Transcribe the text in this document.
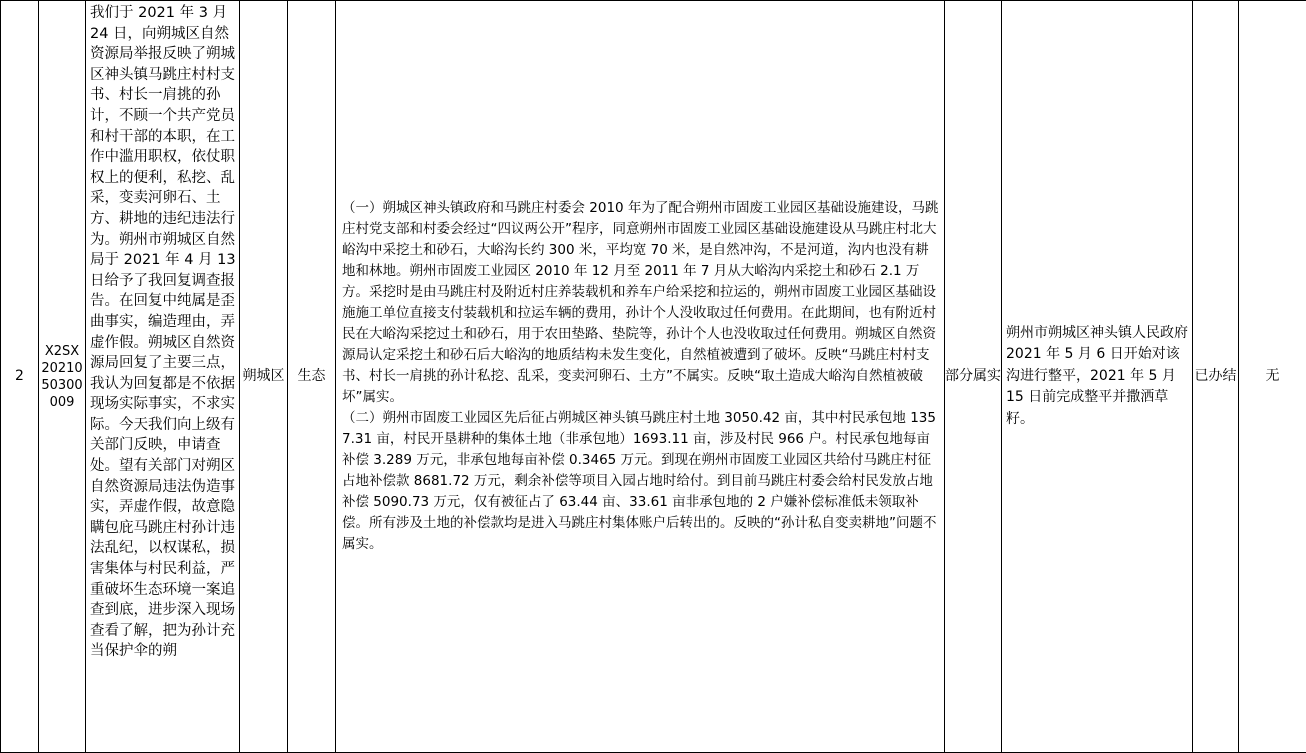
2	X2SX2021050300009	我们于 2021 年 3 月 24 日，向朔城区自然资源局举报反映了朔城区神头镇马跳庄村村支书、村长一肩挑的孙计，不顾一个共产党员和村干部的本职，在工作中滥用职权，依仗职权上的便利，私挖、乱采，变卖河卵石、土方、耕地的违纪违法行为。朔州市朔城区自然局于 2021 年 4 月 13 日给予了我回复调查报告。在回复中纯属是歪曲事实，编造理由，弄虚作假。朔城区自然资源局回复了主要三点，我认为回复都是不依据现场实际事实，不求实际。今天我们向上级有关部门反映，申请查处。望有关部门对朔区自然资源局违法伪造事实，弄虚作假，故意隐瞒包庇马跳庄村孙计违法乱纪，以权谋私，损害集体与村民利益，严重破坏生态环境一案追查到底，进步深入现场查看了解，把为孙计充当保护伞的朔	朔城区	生态	
（一）朔城区神头镇政府和马跳庄村委会 2010 年为了配合朔州市固废工业园区基础设施建设，马跳庄村党支部和村委会经过“四议两公开”程序，同意朔州市固废工业园区基础设施建设从马跳庄村北大峪沟中采挖土和砂石，大峪沟长约 300 米，平均宽 70 米，是自然冲沟，不是河道，沟内也没有耕地和林地。朔州市固废工业园区 2010 年 12 月至 2011 年 7 月从大峪沟内采挖土和砂石 2.1 万方。采挖时是由马跳庄村及附近村庄养装载机和养车户给采挖和拉运的，朔州市固废工业园区基础设施施工单位直接支付装载机和拉运车辆的费用，孙计个人没收取过任何费用。在此期间，也有附近村民在大峪沟采挖过土和砂石，用于农田垫路、垫院等，孙计个人也没收取过任何费用。朔城区自然资源局认定采挖土和砂石后大峪沟的地质结构未发生变化，自然植被遭到了破坏。反映“马跳庄村村支书、村长一肩挑的孙计私挖、乱采，变卖河卵石、土方”不属实。反映“取土造成大峪沟自然植被破坏”属实。
（二）朔州市固废工业园区先后征占朔城区神头镇马跳庄村土地 3050.42 亩，其中村民承包地 1357.31 亩，村民开垦耕种的集体土地（非承包地）1693.11 亩，涉及村民 966 户。村民承包地每亩补偿 3.289 万元，非承包地每亩补偿 0.3465 万元。到现在朔州市固废工业园区共给付马跳庄村征占地补偿款 8681.72 万元，剩余补偿等项目入园占地时给付。到目前马跳庄村委会给村民发放占地补偿 5090.73 万元，仅有被征占了 63.44 亩、33.61 亩非承包地的 2 户嫌补偿标准低未领取补偿。所有涉及土地的补偿款均是进入马跳庄村集体账户后转出的。反映的“孙计私自变卖耕地”问题不属实。
	部分属实	朔州市朔城区神头镇人民政府 2021 年 5 月 6 日开始对该沟进行整平，2021 年 5 月 15 日前完成整平并撒洒草籽。	已办结	无
